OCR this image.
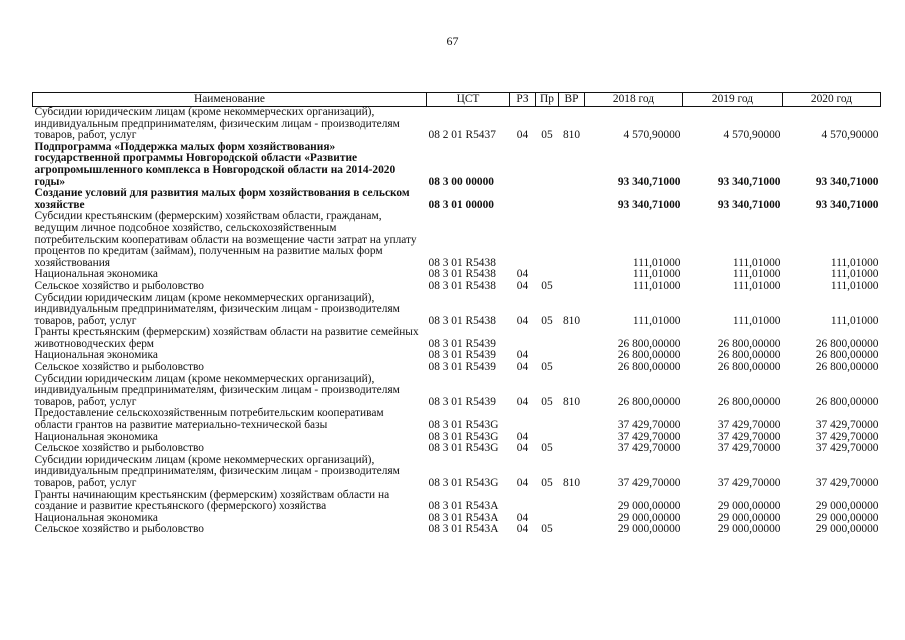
67
Наименование	ЦСТ	РЗ	Пр	ВР	2018 год	2019 год	2020 год
Субсидии юридическим лицам (кроме некоммерческих организаций), индивидуальным предпринимателям, физическим лицам - производителям товаров, работ, услуг	08 2 01 R5437	04	05	810	4 570,90000	4 570,90000	4 570,90000
Подпрограмма «Поддержка малых форм хозяйствования» государственной программы Новгородской области «Развитие агропромышленного комплекса в Новгородской области на 2014-2020 годы»	08 3 00 00000				93 340,71000	93 340,71000	93 340,71000
Создание условий для развития малых форм хозяйствования в сельском хозяйстве	08 3 01 00000				93 340,71000	93 340,71000	93 340,71000
Субсидии крестьянским (фермерским) хозяйствам области, гражданам, ведущим личное подсобное хозяйство, сельскохозяйственным потребительским кооперативам области на возмещение части затрат на уплату процентов по кредитам (займам), полученным на развитие малых форм хозяйствования	08 3 01 R5438				111,01000	111,01000	111,01000
Национальная экономика	08 3 01 R5438	04			111,01000	111,01000	111,01000
Сельское хозяйство и рыболовство	08 3 01 R5438	04	05		111,01000	111,01000	111,01000
Субсидии юридическим лицам (кроме некоммерческих организаций), индивидуальным предпринимателям, физическим лицам - производителям товаров, работ, услуг	08 3 01 R5438	04	05	810	111,01000	111,01000	111,01000
Гранты крестьянским (фермерским) хозяйствам области на развитие семейных животноводческих ферм	08 3 01 R5439				26 800,00000	26 800,00000	26 800,00000
Национальная экономика	08 3 01 R5439	04			26 800,00000	26 800,00000	26 800,00000
Сельское хозяйство и рыболовство	08 3 01 R5439	04	05		26 800,00000	26 800,00000	26 800,00000
Субсидии юридическим лицам (кроме некоммерческих организаций), индивидуальным предпринимателям, физическим лицам - производителям товаров, работ, услуг	08 3 01 R5439	04	05	810	26 800,00000	26 800,00000	26 800,00000
Предоставление сельскохозяйственным потребительским кооперативам области грантов на развитие материально-технической базы	08 3 01 R543G				37 429,70000	37 429,70000	37 429,70000
Национальная экономика	08 3 01 R543G	04			37 429,70000	37 429,70000	37 429,70000
Сельское хозяйство и рыболовство	08 3 01 R543G	04	05		37 429,70000	37 429,70000	37 429,70000
Субсидии юридическим лицам (кроме некоммерческих организаций), индивидуальным предпринимателям, физическим лицам - производителям товаров, работ, услуг	08 3 01 R543G	04	05	810	37 429,70000	37 429,70000	37 429,70000
Гранты начинающим крестьянским (фермерским) хозяйствам области на создание и развитие крестьянского (фермерского) хозяйства	08 3 01 R543A				29 000,00000	29 000,00000	29 000,00000
Национальная экономика	08 3 01 R543A	04			29 000,00000	29 000,00000	29 000,00000
Сельское хозяйство и рыболовство	08 3 01 R543A	04	05		29 000,00000	29 000,00000	29 000,00000
